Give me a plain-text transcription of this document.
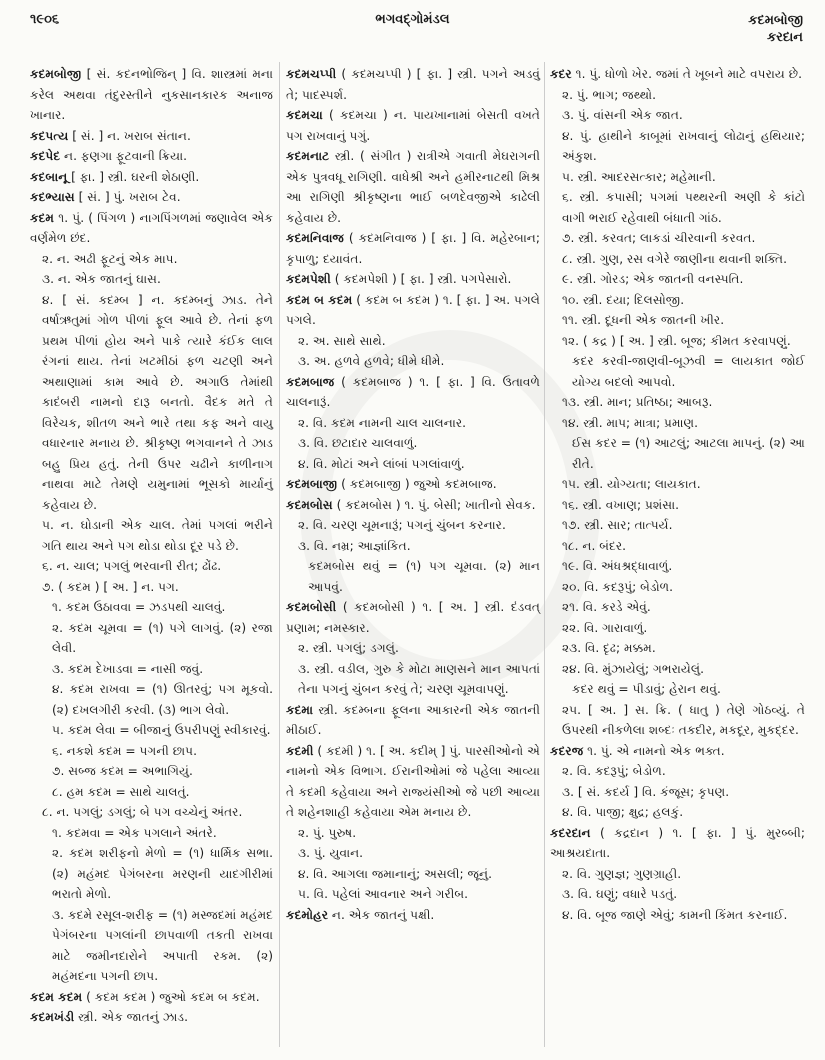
૧૯૦૬	ભગવદ્ગોમંડલ	કદમબોજી
કરદાન

કદમબોજી [ સં. કદનભોજિન્ ] વિ. શાસ્ત્રમાં મના કરેલ અથવા તંદુરસ્તીને નુકસાનકારક અનાજ ખાનાર.

કદપત્ય [ સં. ] ન. ખરાબ સંતાન.

કદપેદ ન. ફણગા ફૂટવાની ક્રિયા.

કદબાનૂ [ ફા. ] સ્ત્રી. ઘરની શેઠાણી.

કદભ્યાસ [ સં. ] પું. ખરાબ ટેવ.

કદમ ૧. પું. ( પિંગળ ) નાગપિંગળમાં જણાવેલ એક વર્ણમેળ છંદ.

૨. ન. અઢી ફૂટનું એક માપ.

૩. ન. એક જાતનું ઘાસ.

૪. [ સં. કદમ્બ ] ન. કદમ્બનું ઝાડ. તેને વર્ષાઋતુમાં ગોળ પીળાં ફૂલ આવે છે. તેનાં ફળ પ્રથમ પીળાં હોય અને પાકે ત્યારે કંઈક લાલ રંગનાં થાય. તેનાં ખટમીઠાં ફળ ચટણી અને અથાણામાં કામ આવે છે. અગાઉ તેમાંથી કાદંબરી નામનો દારૂ બનતો. વૈદક મતે તે વિરેચક, શીતળ અને ભારે તથા કફ અને વાયુ વધારનાર મનાય છે. શ્રીકૃષ્ણ ભગવાનને તે ઝાડ બહુ પ્રિય હતું. તેની ઉપર ચઢીને કાળીનાગ નાથવા માટે તેમણે યમુનામાં ભૂસકો માર્યાનું કહેવાય છે.

૫. ન. ઘોડાની એક ચાલ. તેમાં પગલાં ભરીને ગતિ થાય અને પગ થોડા થોડા દૂર પડે છે.

૬. ન. ચાલ; પગલું ભરવાની રીત; ઢોંઢ.

૭. ( કદમ ) [ અ. ] ન. પગ.

૧. કદમ ઉઠાવવા = ઝડપથી ચાલવું.

૨. કદમ ચૂમવા = (૧) પગે લાગવું. (૨) રજા લેવી.

૩. કદમ દેખાડવા = નાસી જવું.

૪. કદમ રાખવા = (૧) ઊતરવું; પગ મૂકવો. (૨) દખલગીરી કરવી. (૩) ભાગ લેવો.

૫. કદમ લેવા = બીજાનું ઉપરીપણું સ્વીકારવું.

૬. નકશે કદમ = પગની છાપ.

૭. સબ્જ કદમ = અભાગિયું.

૮. હમ કદમ = સાથે ચાલતું.

૮. ન. પગલું; ડગલું; બે પગ વચ્ચેનું અંતર.

૧. કદમવા = એક પગલાને અંતરે.

૨. કદમ શરીફનો મેળો = (૧) ધાર્મિક સભા. (૨) મહંમદ પેગંબરના મરણની યાદગીરીમાં ભરાતો મેળો.

૩. કદમે રસૂલ-શરીફ = (૧) મસ્જદમાં મહંમદ પેગંબરના પગલાંની છાપવાળી તકતી રાખવા માટે જમીનદારોને અપાતી રકમ. (૨) મહંમદના પગની છાપ.

કદમ કદમ ( કદમ કદમ ) જુઓ કદમ બ કદમ.

કદમખંડી સ્ત્રી. એક જાતનું ઝાડ.

કદમચપ્પી ( કદમચપ્પી ) [ ફા. ] સ્ત્રી. પગને અડવું તે; પાદસ્પર્શ.

કદમચા ( કદમચા ) ન. પાયખાનામાં બેસતી વખતે પગ રાખવાનું પગું.

કદમનાટ સ્ત્રી. ( સંગીત ) રાત્રીએ ગવાતી મેઘરાગની એક પુત્રવધૂ રાગિણી. વાધેશ્રી અને હમીરનાટથી મિશ્ર આ રાગિણી શ્રીકૃષ્ણના ભાઈ બળદેવજીએ કાઢેલી કહેવાય છે.

કદમનિવાજ ( કદમનિવાજ ) [ ફા. ] વિ. મહેરબાન; કૃપાળુ; દયાવંત.

કદમપેશી ( કદમપેશી ) [ ફા. ] સ્ત્રી. પગપેસારો.

કદમ બ કદમ ( કદમ બ કદમ ) ૧. [ ફા. ] અ. પગલે પગલે.

૨. અ. સાથે સાથે.

૩. અ. હળવે હળવે; ધીમે ધીમે.

કદમબાજ ( કદમબાજ ) ૧. [ ફા. ] વિ. ઉતાવળે ચાલનારૂં.

૨. વિ. કદમ નામની ચાલ ચાલનાર.

૩. વિ. છટાદાર ચાલવાળું.

૪. વિ. મોટાં અને લાંબાં પગલાંવાળું.

કદમબાજી ( કદમબાજી ) જુઓ કદમબાજ.

કદમબોસ ( કદમબોસ ) ૧. પું. બેસી; ખાતીનો સેવક.

૨. વિ. ચરણ ચૂમનારૂં; પગનું ચુંબન કરનાર.

૩. વિ. નમ્ર; આજ્ઞાંકિત.

કદમબોસ થવું = (૧) પગ ચૂમવા. (૨) માન આપવું.

કદમબોસી ( કદમબોસી ) ૧. [ અ. ] સ્ત્રી. દંડવત્ પ્રણામ; નમસ્કાર.

૨. સ્ત્રી. પગલું; ડગલું.

૩. સ્ત્રી. વડીલ, ગુરુ કે મોટા માણસને માન આપતાં તેના પગનું ચુંબન કરવું તે; ચરણ ચૂમવાપણું.

કદમા સ્ત્રી. કદમ્બના ફૂલના આકારની એક જાતની મીઠાઈ.

કદમી ( કદમી ) ૧. [ અ. કદીમ્ ] પું. પારસીઓનો એ નામનો એક વિભાગ. ઈરાનીઓમાં જે પહેલા આવ્યા તે કદમી કહેવાયા અને રાજ્યંસીઓ જે પછી આવ્યા તે શહેનશાહી કહેવાયા એમ મનાય છે.

૨. પું. પુરુષ.

૩. પું. યુવાન.

૪. વિ. આગલા જમાનાનું; અસલી; જૂનું.

૫. વિ. પહેલાં આવનાર અને ગરીબ.

કદમોહર ન. એક જાતનું પક્ષી.

કદર ૧. પું. ધોળો ખેર. જમાં તે ખૂબને માટે વપરાય છે.

૨. પું. ભાગ; જથ્થો.

૩. પું. વાંસની એક જાત.

૪. પું. હાથીને કાબૂમાં રાખવાનું લોઢાનું હથિયાર; અંકુશ.

૫. સ્ત્રી. આદરસત્કાર; મહેમાની.

૬. સ્ત્રી. કપાસી; પગમાં પથ્થરની અણી કે કાંટો વાગી ભરાઈ રહેવાથી બંધાતી ગાંઠ.

૭. સ્ત્રી. કરવત; લાકડાં ચીરવાની કરવત.

૮. સ્ત્રી. ગુણ, રસ વગેરે જાણીના થવાની શક્તિ.

૯. સ્ત્રી. ગોરડ; એક જાતની વનસ્પતિ.

૧૦. સ્ત્રી. દયા; દિલસોજી.

૧૧. સ્ત્રી. દૂધની એક જાતની ખીર.

૧૨. ( કદ્ર ) [ અ. ] સ્ત્રી. બૂજ; કીમત કરવાપણું.

કદર કરવી-જાણવી-બૂઝવી = લાયકાત જોઈ યોગ્ય બદલો આપવો.

૧૩. સ્ત્રી. માન; પ્રતિષ્ઠા; આબરૂ.

૧૪. સ્ત્રી. માપ; માત્રા; પ્રમાણ.

ઈસ કદર = (૧) આટલું; આટલા માપનું. (૨) આ રીતે.

૧૫. સ્ત્રી. યોગ્યતા; લાયકાત.

૧૬. સ્ત્રી. વખાણ; પ્રશંસા.

૧૭. સ્ત્રી. સાર; તાત્પર્ય.

૧૮. ન. બંદર.

૧૯. વિ. અંધશ્રદ્ધાવાળું.

૨૦. વિ. કદરૂપું; બેડોળ.

૨૧. વિ. કરડે એવું.

૨૨. વિ. ગારાવાળું.

૨૩. વિ. દૃઢ; મક્કમ.

૨૪. વિ. મુંઝાયેલું; ગભરાયેલું.

કદર થવું = પીડાવું; હેરાન થવું.

૨૫. [ અ. ] સ. ક્રિ. ( ધાતુ ) તેણે ગોઠવ્યું. તે ઉપરથી નીકળેલા શબ્દઃ તકદીર, મકદૂર, મુકદ્દર.

કદરજ ૧. પું. એ નામનો એક ભક્ત.

૨. વિ. કદરૂપું; બેડોળ.

૩. [ સં. કદર્ય ] વિ. કંજૂસ; કૃપણ.

૪. વિ. પાજી; ક્ષુદ્ર; હલકું.

કદરદાન ( કદ્રદાન ) ૧. [ ફા. ] પું. મુરબ્બી; આશ્રયદાતા.

૨. વિ. ગુણજ્ઞ; ગુણગ્રાહી.

૩. વિ. ઘણું; વધારે પડતું.

૪. વિ. બૂજ જાણે એવું; કામની કિંમત કરનાઈ.
